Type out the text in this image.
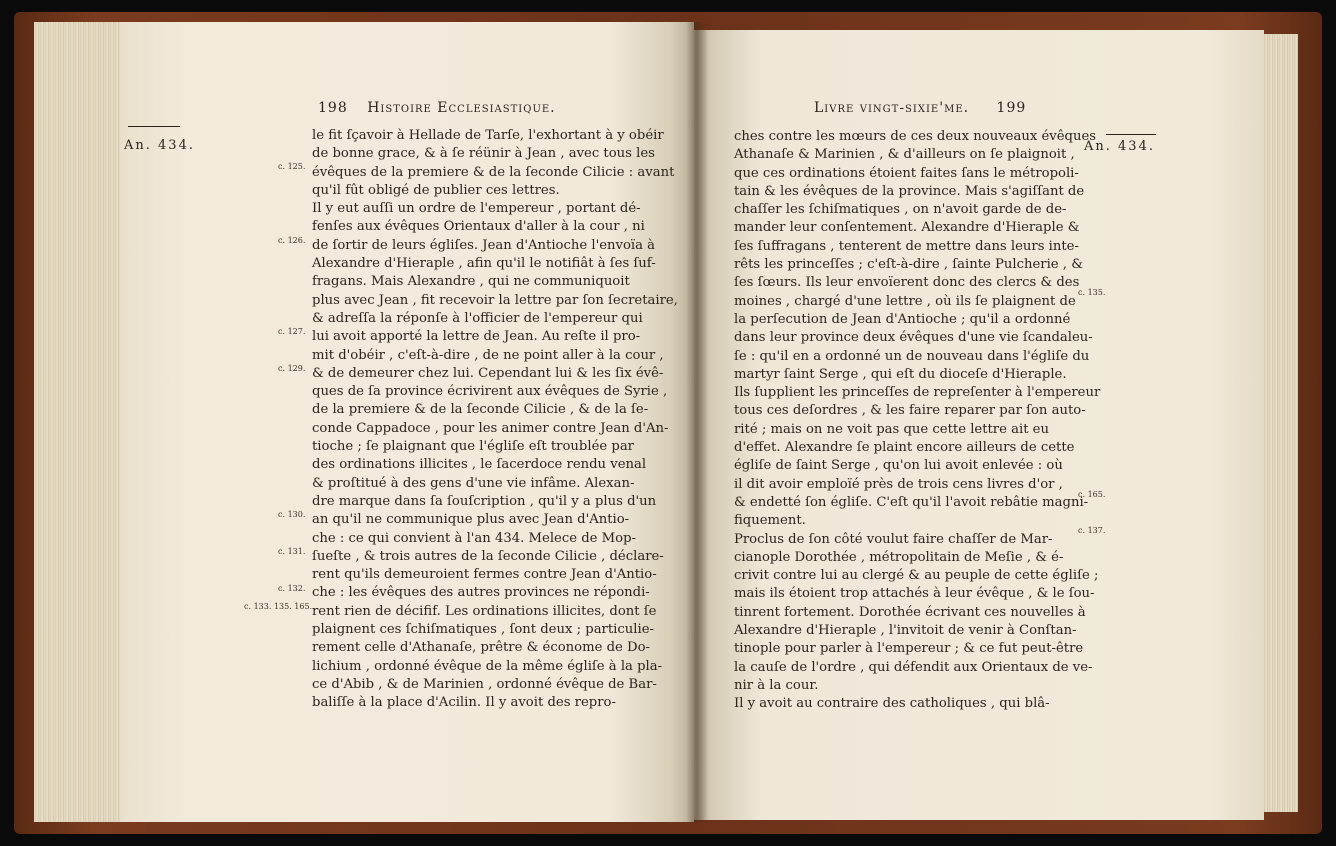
198 Histoire Ecclesiastique.
An. 434.
c. 125.
c. 126.
c. 127.
c. 129.
c. 130.
c. 131.
c. 132.
c. 133. 135. 165.
le fit ſçavoir à Hellade de Tarſe, l'exhortant à y obéir
de bonne grace, & à ſe réünir à Jean , avec tous les
évêques de la premiere & de la ſeconde Cilicie : avant
qu'il fût obligé de publier ces lettres.
Il y eut auſſi un ordre de l'empereur , portant dé-
fenſes aux évêques Orientaux d'aller à la cour , ni
de ſortir de leurs égliſes. Jean d'Antioche l'envoïa à
Alexandre d'Hieraple , afin qu'il le notifiât à ſes ſuf-
fragans. Mais Alexandre , qui ne communiquoit
plus avec Jean , fit recevoir la lettre par ſon ſecretaire,
& adreſſa la réponſe à l'officier de l'empereur qui
lui avoit apporté la lettre de Jean. Au reſte il pro-
mit d'obéir , c'eſt-à-dire , de ne point aller à la cour ,
& de demeurer chez lui. Cependant lui & les ſix évê-
ques de ſa province écrivirent aux évêques de Syrie ,
de la premiere & de la ſeconde Cilicie , & de la ſe-
conde Cappadoce , pour les animer contre Jean d'An-
tioche ; ſe plaignant que l'égliſe eſt troublée par
des ordinations illicites , le ſacerdoce rendu venal
& proſtitué à des gens d'une vie infâme. Alexan-
dre marque dans ſa ſouſcription , qu'il y a plus d'un
an qu'il ne communique plus avec Jean d'Antio-
che : ce qui convient à l'an 434. Melece de Mop-
ſueſte , & trois autres de la ſeconde Cilicie , déclare-
rent qu'ils demeuroient fermes contre Jean d'Antio-
che : les évêques des autres provinces ne répondi-
rent rien de décifif. Les ordinations illicites, dont ſe
plaignent ces ſchiſmatiques , ſont deux ; particulie-
rement celle d'Athanaſe, prêtre & économe de Do-
lichium , ordonné évêque de la même égliſe à la pla-
ce d'Abib , & de Marinien , ordonné évêque de Bar-
baliſſe à la place d'Acilin. Il y avoit des repro-
Livre vingt-sixie'me. 199
An. 434.
c. 135.
c. 165.
c. 137.
ches contre les mœurs de ces deux nouveaux évêques
Athanaſe & Marinien , & d'ailleurs on ſe plaignoit ,
que ces ordinations étoient faites ſans le métropoli-
tain & les évêques de la province. Mais s'agiſſant de
chaſſer les ſchiſmatiques , on n'avoit garde de de-
mander leur conſentement. Alexandre d'Hieraple &
ſes ſuffragans , tenterent de mettre dans leurs inte-
rêts les princeſſes ; c'eſt-à-dire , ſainte Pulcherie , &
ſes ſœurs. Ils leur envoïerent donc des clercs & des
moines , chargé d'une lettre , où ils ſe plaignent de
la perſecution de Jean d'Antioche ; qu'il a ordonné
dans leur province deux évêques d'une vie ſcandaleu-
ſe : qu'il en a ordonné un de nouveau dans l'égliſe du
martyr ſaint Serge , qui eſt du dioceſe d'Hieraple.
Ils ſupplient les princeſſes de repreſenter à l'empereur
tous ces deſordres , & les faire reparer par ſon auto-
rité ; mais on ne voit pas que cette lettre ait eu
d'effet. Alexandre ſe plaint encore ailleurs de cette
égliſe de ſaint Serge , qu'on lui avoit enlevée : où
il dit avoir emploïé près de trois cens livres d'or ,
& endetté ſon égliſe. C'eſt qu'il l'avoit rebâtie magni-
fiquement.
Proclus de ſon côté voulut faire chaſſer de Mar-
cianople Dorothée , métropolitain de Meſie , & é-
crivit contre lui au clergé & au peuple de cette égliſe ;
mais ils étoient trop attachés à leur évêque , & le ſou-
tinrent fortement. Dorothée écrivant ces nouvelles à
Alexandre d'Hieraple , l'invitoit de venir à Conſtan-
tinople pour parler à l'empereur ; & ce fut peut-être
la cauſe de l'ordre , qui défendit aux Orientaux de ve-
nir à la cour.
Il y avoit au contraire des catholiques , qui blâ-
